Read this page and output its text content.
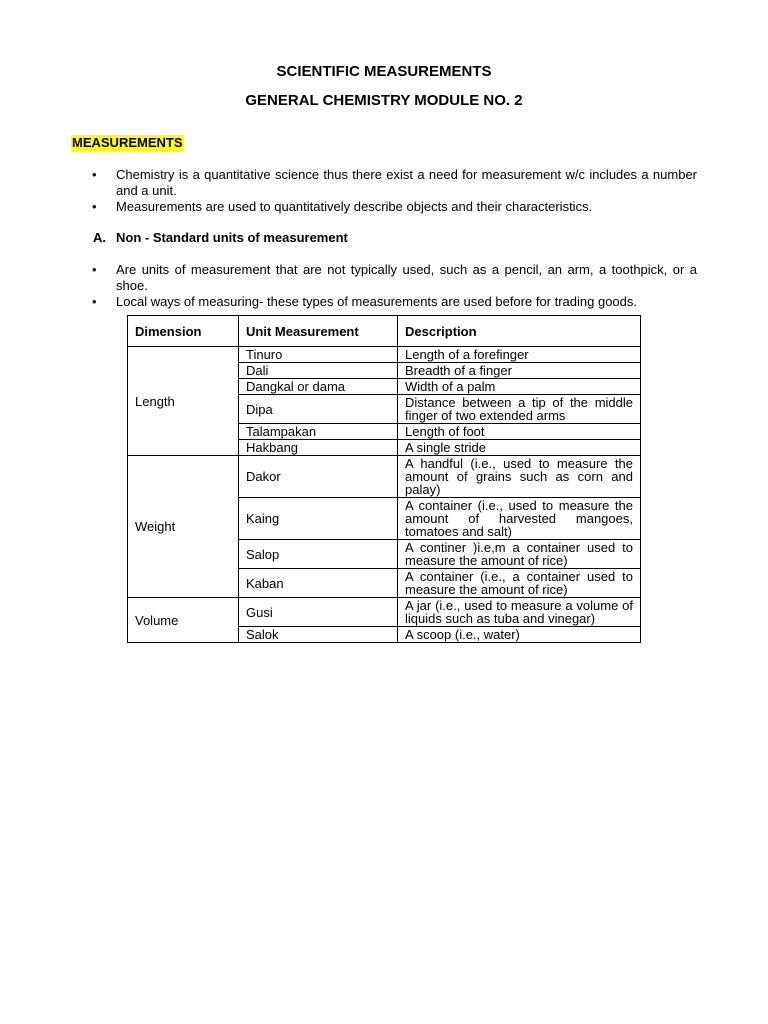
SCIENTIFIC MEASUREMENTS
GENERAL CHEMISTRY MODULE NO. 2
MEASUREMENTS
• Chemistry is a quantitative science thus there exist a need for measurement w/c includes a number and a unit.
• Measurements are used to quantitatively describe objects and their characteristics.
A. Non - Standard units of measurement
• Are units of measurement that are not typically used, such as a pencil, an arm, a toothpick, or a shoe.
• Local ways of measuring- these types of measurements are used before for trading goods.
Dimension	Unit Measurement	Description
Length	Tinuro	Length of a forefinger
	Dali	Breadth of a finger
	Dangkal or dama	Width of a palm
	Dipa	Distance between a tip of the middle finger of two extended arms
	Talampakan	Length of foot
	Hakbang	A single stride
Weight	Dakor	A handful (i.e., used to measure the amount of grains such as corn and palay)
	Kaing	A container (i.e., used to measure the amount of harvested mangoes, tomatoes and salt)
	Salop	A continer )i.e,m a container used to measure the amount of rice)
	Kaban	A container (i.e., a container used to measure the amount of rice)
Volume	Gusi	A jar (i.e., used to measure a volume of liquids such as tuba and vinegar)
	Salok	A scoop (i.e., water)
